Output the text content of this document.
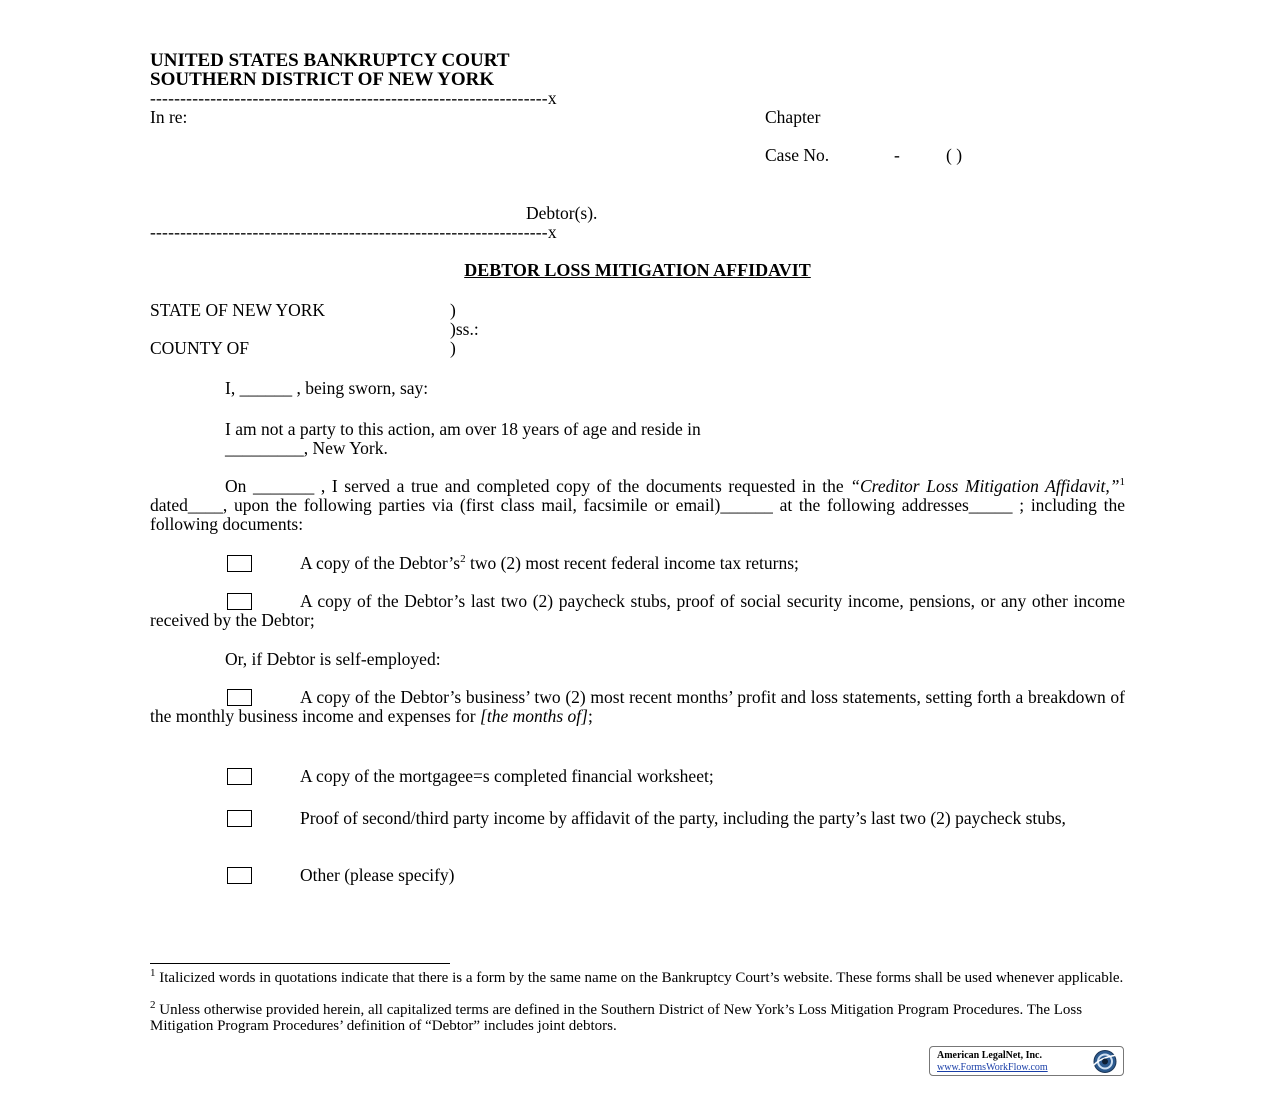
UNITED STATES BANKRUPTCY COURT
SOUTHERN DISTRICT OF NEW YORK
------------------------------------------------------------------x
In re:	Chapter
Case No.	-	( )
Debtor(s).
------------------------------------------------------------------x
DEBTOR LOSS MITIGATION AFFIDAVIT
STATE OF NEW YORK	)
)ss.:
COUNTY OF	)
I, ______ , being sworn, say:
I am not a party to this action, am over 18 years of age and reside in
_________, New York.
On _______ , I served a true and completed copy of the documents requested in the “Creditor Loss Mitigation Affidavit,”$^1$ dated____, upon the following parties via (first class mail, facsimile or email)______ at the following addresses_____ ; including the following documents:
A copy of the $Debtor’s^2$ two (2) most recent federal income tax returns;
A copy of the Debtor’s last two (2) paycheck stubs, proof of social security income, pensions, or any other income received by the Debtor;
Or, if Debtor is self-employed:
A copy of the Debtor’s business’ two (2) most recent months’ profit and loss statements, setting forth a breakdown of the monthly business income and expenses for [the months of];
A copy of the mortgagee=s completed financial worksheet;
Proof of second/third party income by affidavit of the party, including the party’s last two (2) paycheck stubs,
Other (please specify)
$^1$ Italicized words in quotations indicate that there is a form by the same name on the Bankruptcy Court’s website. These forms shall be used whenever applicable.
$^2$ Unless otherwise provided herein, all capitalized terms are defined in the Southern District of New York’s Loss Mitigation Program Procedures. The Loss Mitigation Program Procedures’ definition of “Debtor” includes joint debtors.
American LegalNet, Inc.
www.FormsWorkFlow.com
